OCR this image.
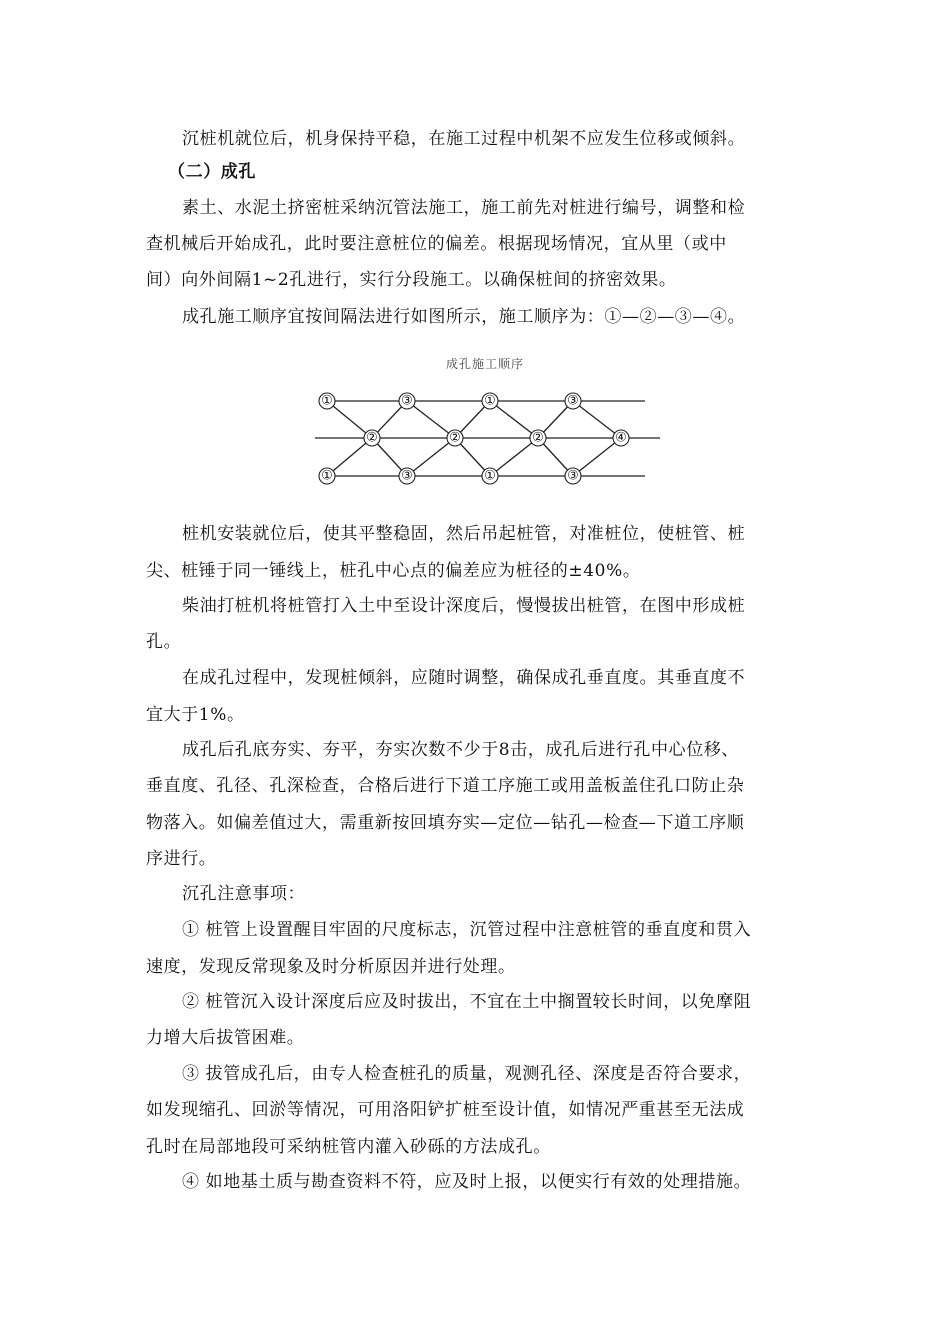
沉桩机就位后，机身保持平稳，在施工过程中机架不应发生位移或倾斜。
（二）成孔
素土、水泥土挤密桩采纳沉管法施工，施工前先对桩进行编号，调整和检
查机械后开始成孔，此时要注意桩位的偏差。根据现场情况，宜从里（或中
间）向外间隔1~2孔进行，实行分段施工。以确保桩间的挤密效果。
成孔施工顺序宜按间隔法进行如图所示，施工顺序为：①—②—③—④。
成孔施工顺序
①	③	①	③
②	②	②	④
①	③	①	③
桩机安装就位后，使其平整稳固，然后吊起桩管，对准桩位，使桩管、桩
尖、桩锤于同一锤线上，桩孔中心点的偏差应为桩径的±40%。
柴油打桩机将桩管打入土中至设计深度后，慢慢拔出桩管，在图中形成桩
孔。
在成孔过程中，发现桩倾斜，应随时调整，确保成孔垂直度。其垂直度不
宜大于1%。
成孔后孔底夯实、夯平，夯实次数不少于8击，成孔后进行孔中心位移、
垂直度、孔径、孔深检查，合格后进行下道工序施工或用盖板盖住孔口防止杂
物落入。如偏差值过大，需重新按回填夯实—定位—钻孔—检查—下道工序顺
序进行。
沉孔注意事项：
① 桩管上设置醒目牢固的尺度标志，沉管过程中注意桩管的垂直度和贯入
速度，发现反常现象及时分析原因并进行处理。
② 桩管沉入设计深度后应及时拔出，不宜在土中搁置较长时间，以免摩阻
力增大后拔管困难。
③ 拔管成孔后，由专人检查桩孔的质量，观测孔径、深度是否符合要求，
如发现缩孔、回淤等情况，可用洛阳铲扩桩至设计值，如情况严重甚至无法成
孔时在局部地段可采纳桩管内灌入砂砾的方法成孔。
④ 如地基土质与勘查资料不符，应及时上报，以便实行有效的处理措施。
